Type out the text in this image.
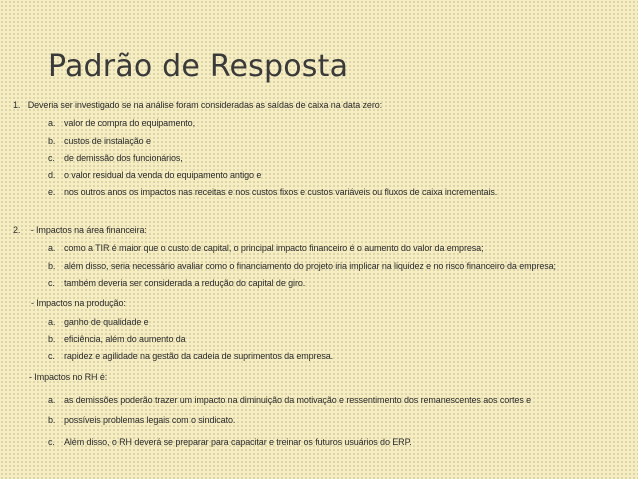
Padrão de Resposta
1. Deveria ser investigado se na análise foram consideradas as saídas de caixa na data zero:
a. valor de compra do equipamento,
b. custos de instalação e
c. de demissão dos funcionários,
d. o valor residual da venda do equipamento antigo e
e. nos outros anos os impactos nas receitas e nos custos fixos e custos variáveis ou fluxos de caixa incrementais.
2. - Impactos na área financeira:
a. como a TIR é maior que o custo de capital, o principal impacto financeiro é o aumento do valor da empresa;
b. além disso, seria necessário avaliar como o financiamento do projeto iria implicar na liquidez e no risco financeiro da empresa;
c. também deveria ser considerada a redução do capital de giro.
- Impactos na produção:
a. ganho de qualidade e
b. eficiência, além do aumento da
c. rapidez e agilidade na gestão da cadeia de suprimentos da empresa.
- Impactos no RH é:
a. as demissões poderão trazer um impacto na diminuição da motivação e ressentimento dos remanescentes aos cortes e
b. possíveis problemas legais com o sindicato.
c. Além disso, o RH deverá se preparar para capacitar e treinar os futuros usuários do ERP.
